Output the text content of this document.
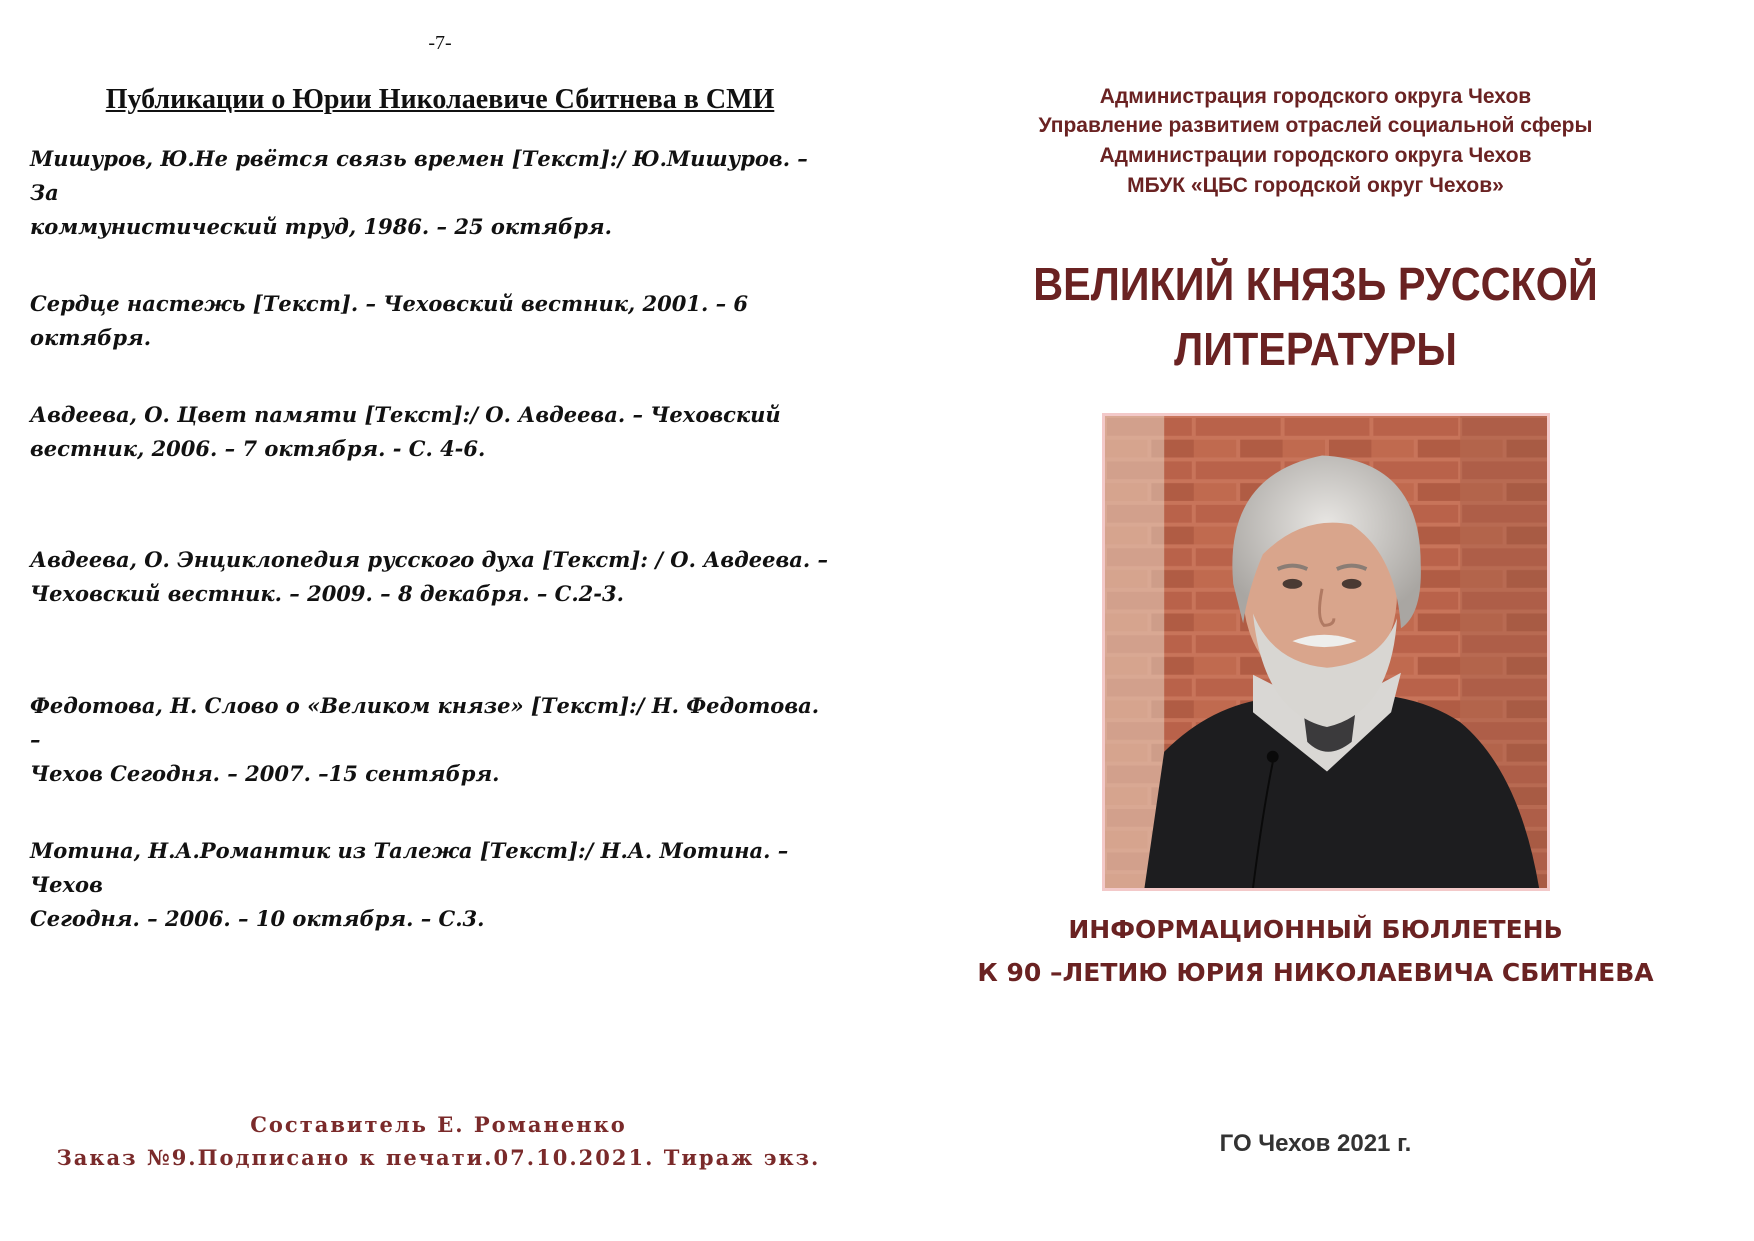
-7-
Публикации о Юрии Николаевиче Сбитнева в СМИ
Мишуров, Ю.Не рвётся связь времен [Текст]:/ Ю.Мишуров. – За
коммунистический труд, 1986. – 25 октября.
Сердце настежь [Текст]. – Чеховский вестник, 2001. – 6 октября.
Авдеева, О. Цвет памяти [Текст]:/ О. Авдеева. – Чеховский
вестник, 2006. – 7 октября. - С. 4-6.
Авдеева, О. Энциклопедия русского духа [Текст]: / О. Авдеева. –
Чеховский вестник. – 2009. – 8 декабря. – С.2-3.
Федотова, Н. Слово о «Великом князе» [Текст]:/ Н. Федотова. –
Чехов Сегодня. – 2007. –15 сентября.
Мотина, Н.А.Романтик из Талежа [Текст]:/ Н.А. Мотина. – Чехов
Сегодня. – 2006. – 10 октября. – С.3.
Составитель Е. Романенко
Заказ №9.Подписано к печати.07.10.2021. Тираж экз.
Администрация городского округа Чехов
Управление развитием отраслей социальной сферы
Администрации городского округа Чехов
МБУК «ЦБС городской округ Чехов»
ВЕЛИКИЙ КНЯЗЬ РУССКОЙ
ЛИТЕРАТУРЫ
ИНФОРМАЦИОННЫЙ БЮЛЛЕТЕНЬ
К 90 –ЛЕТИЮ ЮРИЯ НИКОЛАЕВИЧА СБИТНЕВА
ГО Чехов 2021 г.
